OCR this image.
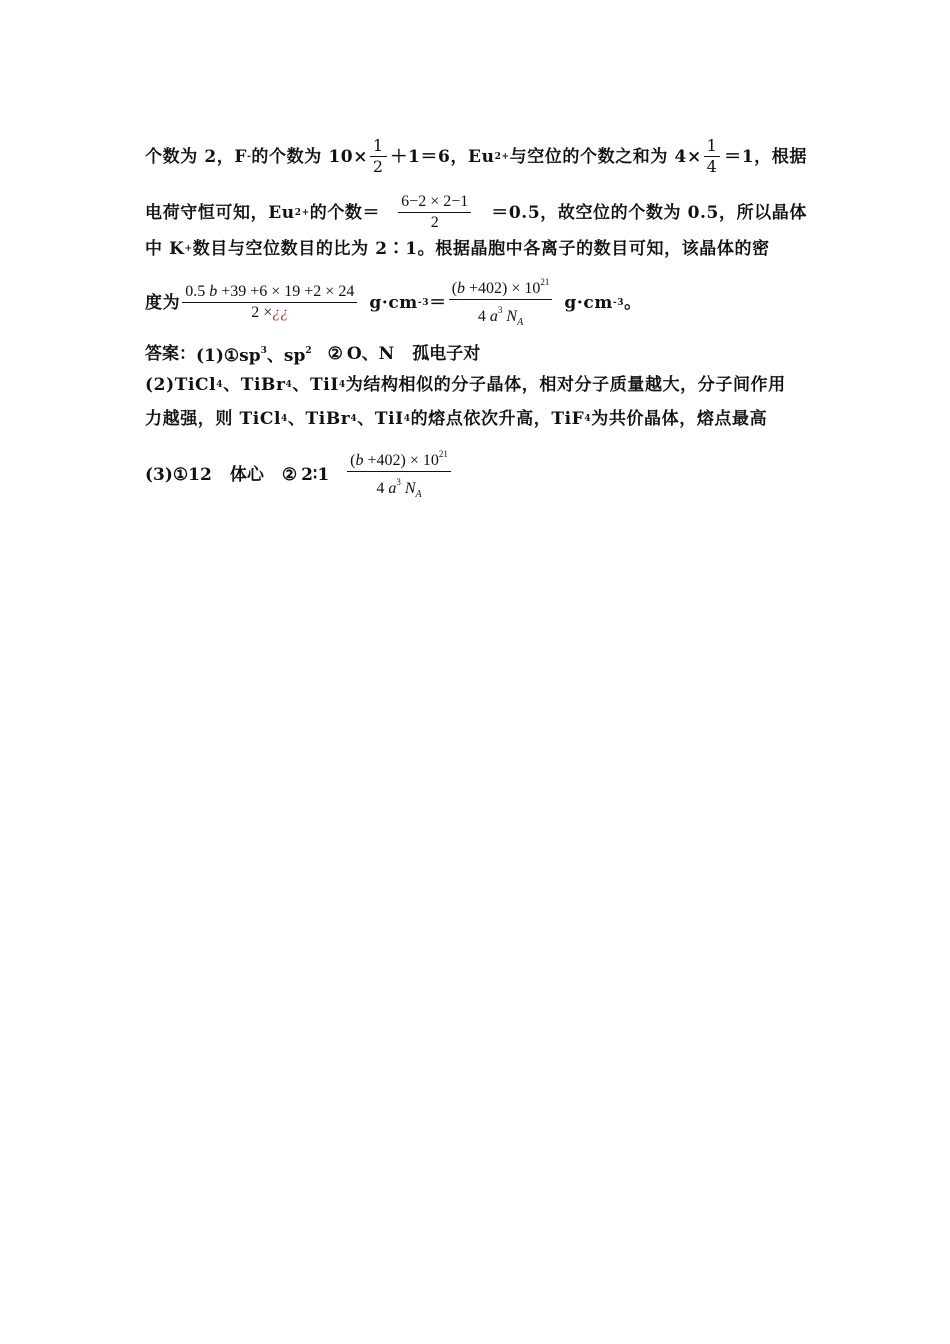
个数为
2 ，F - 的个数为
$10\times \frac{1}{2} +1=6$，Eu 2+ 与空位的个数之和为
$4\times \frac{1}{4} =1$，根据
电荷守恒可知，Eu 2+ 的个数＝ $\frac{6-2 \times 2-1}{2} =0.5$，故空位的个数为
0.5，所以晶体
中
K + 数目与空位数目的比为
2∶1。根据晶胞中各离子的数目可知，该晶体的密
度为 $\frac{0.5 b +39 +6 \times 19 +2 \times 24}{2 \times¿¿} g\cdot cm$ $-3 = \frac{(b +402) \times 10^{21}}{4 a^3 N_A} g\cdot cm$ -3 。
答案： $(1)①sp^3$、$sp^2$ ② O、N 孤电子对
(2)TiCl 4 、TiBr 4 、TiI 4 为结构相似的分子晶体，相对分子质量越大，分子间作用
力越强，则
TiCl 4 、TiBr 4 、TiI 4 的熔点依次升高，TiF 4 为共价晶体，熔点最高
(3)①12 体心 ② 2∶1 $\frac{(b +402) \times 10^{21}}{4 a^3 N_A}$
